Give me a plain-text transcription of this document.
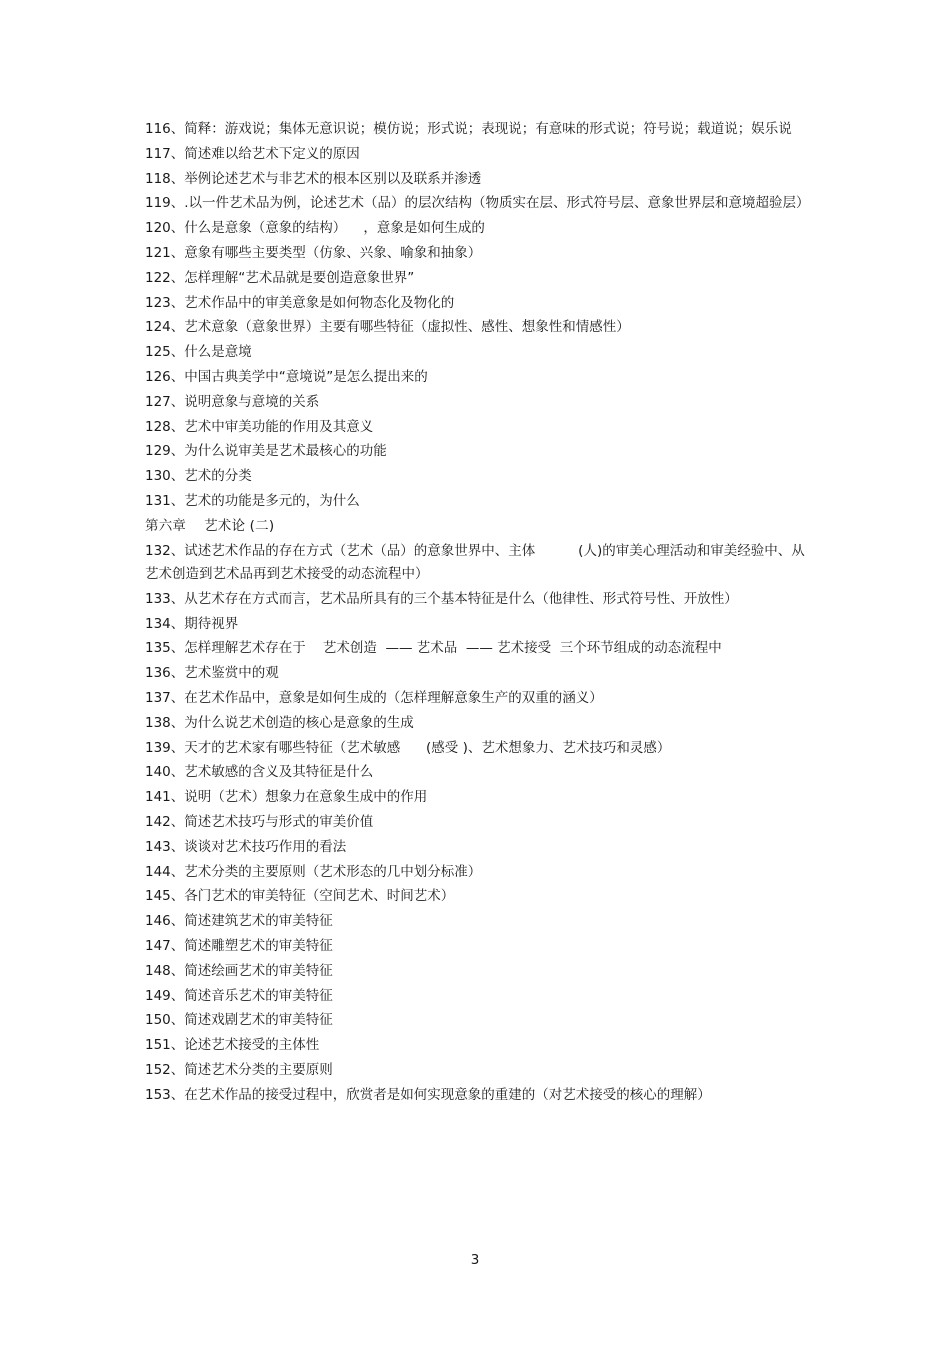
116、简释：游戏说；集体无意识说；模仿说；形式说；表现说；有意味的形式说；符号说；载道说；娱乐说
117、简述难以给艺术下定义的原因
118、举例论述艺术与非艺术的根本区别以及联系并渗透
119、.以一件艺术品为例，论述艺术（品）的层次结构（物质实在层、形式符号层、意象世界层和意境超验层）
120、什么是意象（意象的结构）    ，意象是如何生成的
121、意象有哪些主要类型（仿象、兴象、喻象和抽象）
122、怎样理解“艺术品就是要创造意象世界”
123、艺术作品中的审美意象是如何物态化及物化的
124、艺术意象（意象世界）主要有哪些特征（虚拟性、感性、想象性和情感性）
125、什么是意境
126、中国古典美学中“意境说”是怎么提出来的
127、说明意象与意境的关系
128、艺术中审美功能的作用及其意义
129、为什么说审美是艺术最核心的功能
130、艺术的分类
131、艺术的功能是多元的，为什么
第六章    艺术论 (二)
132、试述艺术作品的存在方式（艺术（品）的意象世界中、主体          (人)的审美心理活动和审美经验中、从艺术创造到艺术品再到艺术接受的动态流程中）
133、从艺术存在方式而言，艺术品所具有的三个基本特征是什么（他律性、形式符号性、开放性）
134、期待视界
135、怎样理解艺术存在于    艺术创造  —— 艺术品  —— 艺术接受  三个环节组成的动态流程中
136、艺术鉴赏中的观
137、在艺术作品中，意象是如何生成的（怎样理解意象生产的双重的涵义）
138、为什么说艺术创造的核心是意象的生成
139、天才的艺术家有哪些特征（艺术敏感      (感受 )、艺术想象力、艺术技巧和灵感）
140、艺术敏感的含义及其特征是什么
141、说明（艺术）想象力在意象生成中的作用
142、简述艺术技巧与形式的审美价值
143、谈谈对艺术技巧作用的看法
144、艺术分类的主要原则（艺术形态的几中划分标准）
145、各门艺术的审美特征（空间艺术、时间艺术）
146、简述建筑艺术的审美特征
147、简述雕塑艺术的审美特征
148、简述绘画艺术的审美特征
149、简述音乐艺术的审美特征
150、简述戏剧艺术的审美特征
151、论述艺术接受的主体性
152、简述艺术分类的主要原则
153、在艺术作品的接受过程中，欣赏者是如何实现意象的重建的（对艺术接受的核心的理解）
3
